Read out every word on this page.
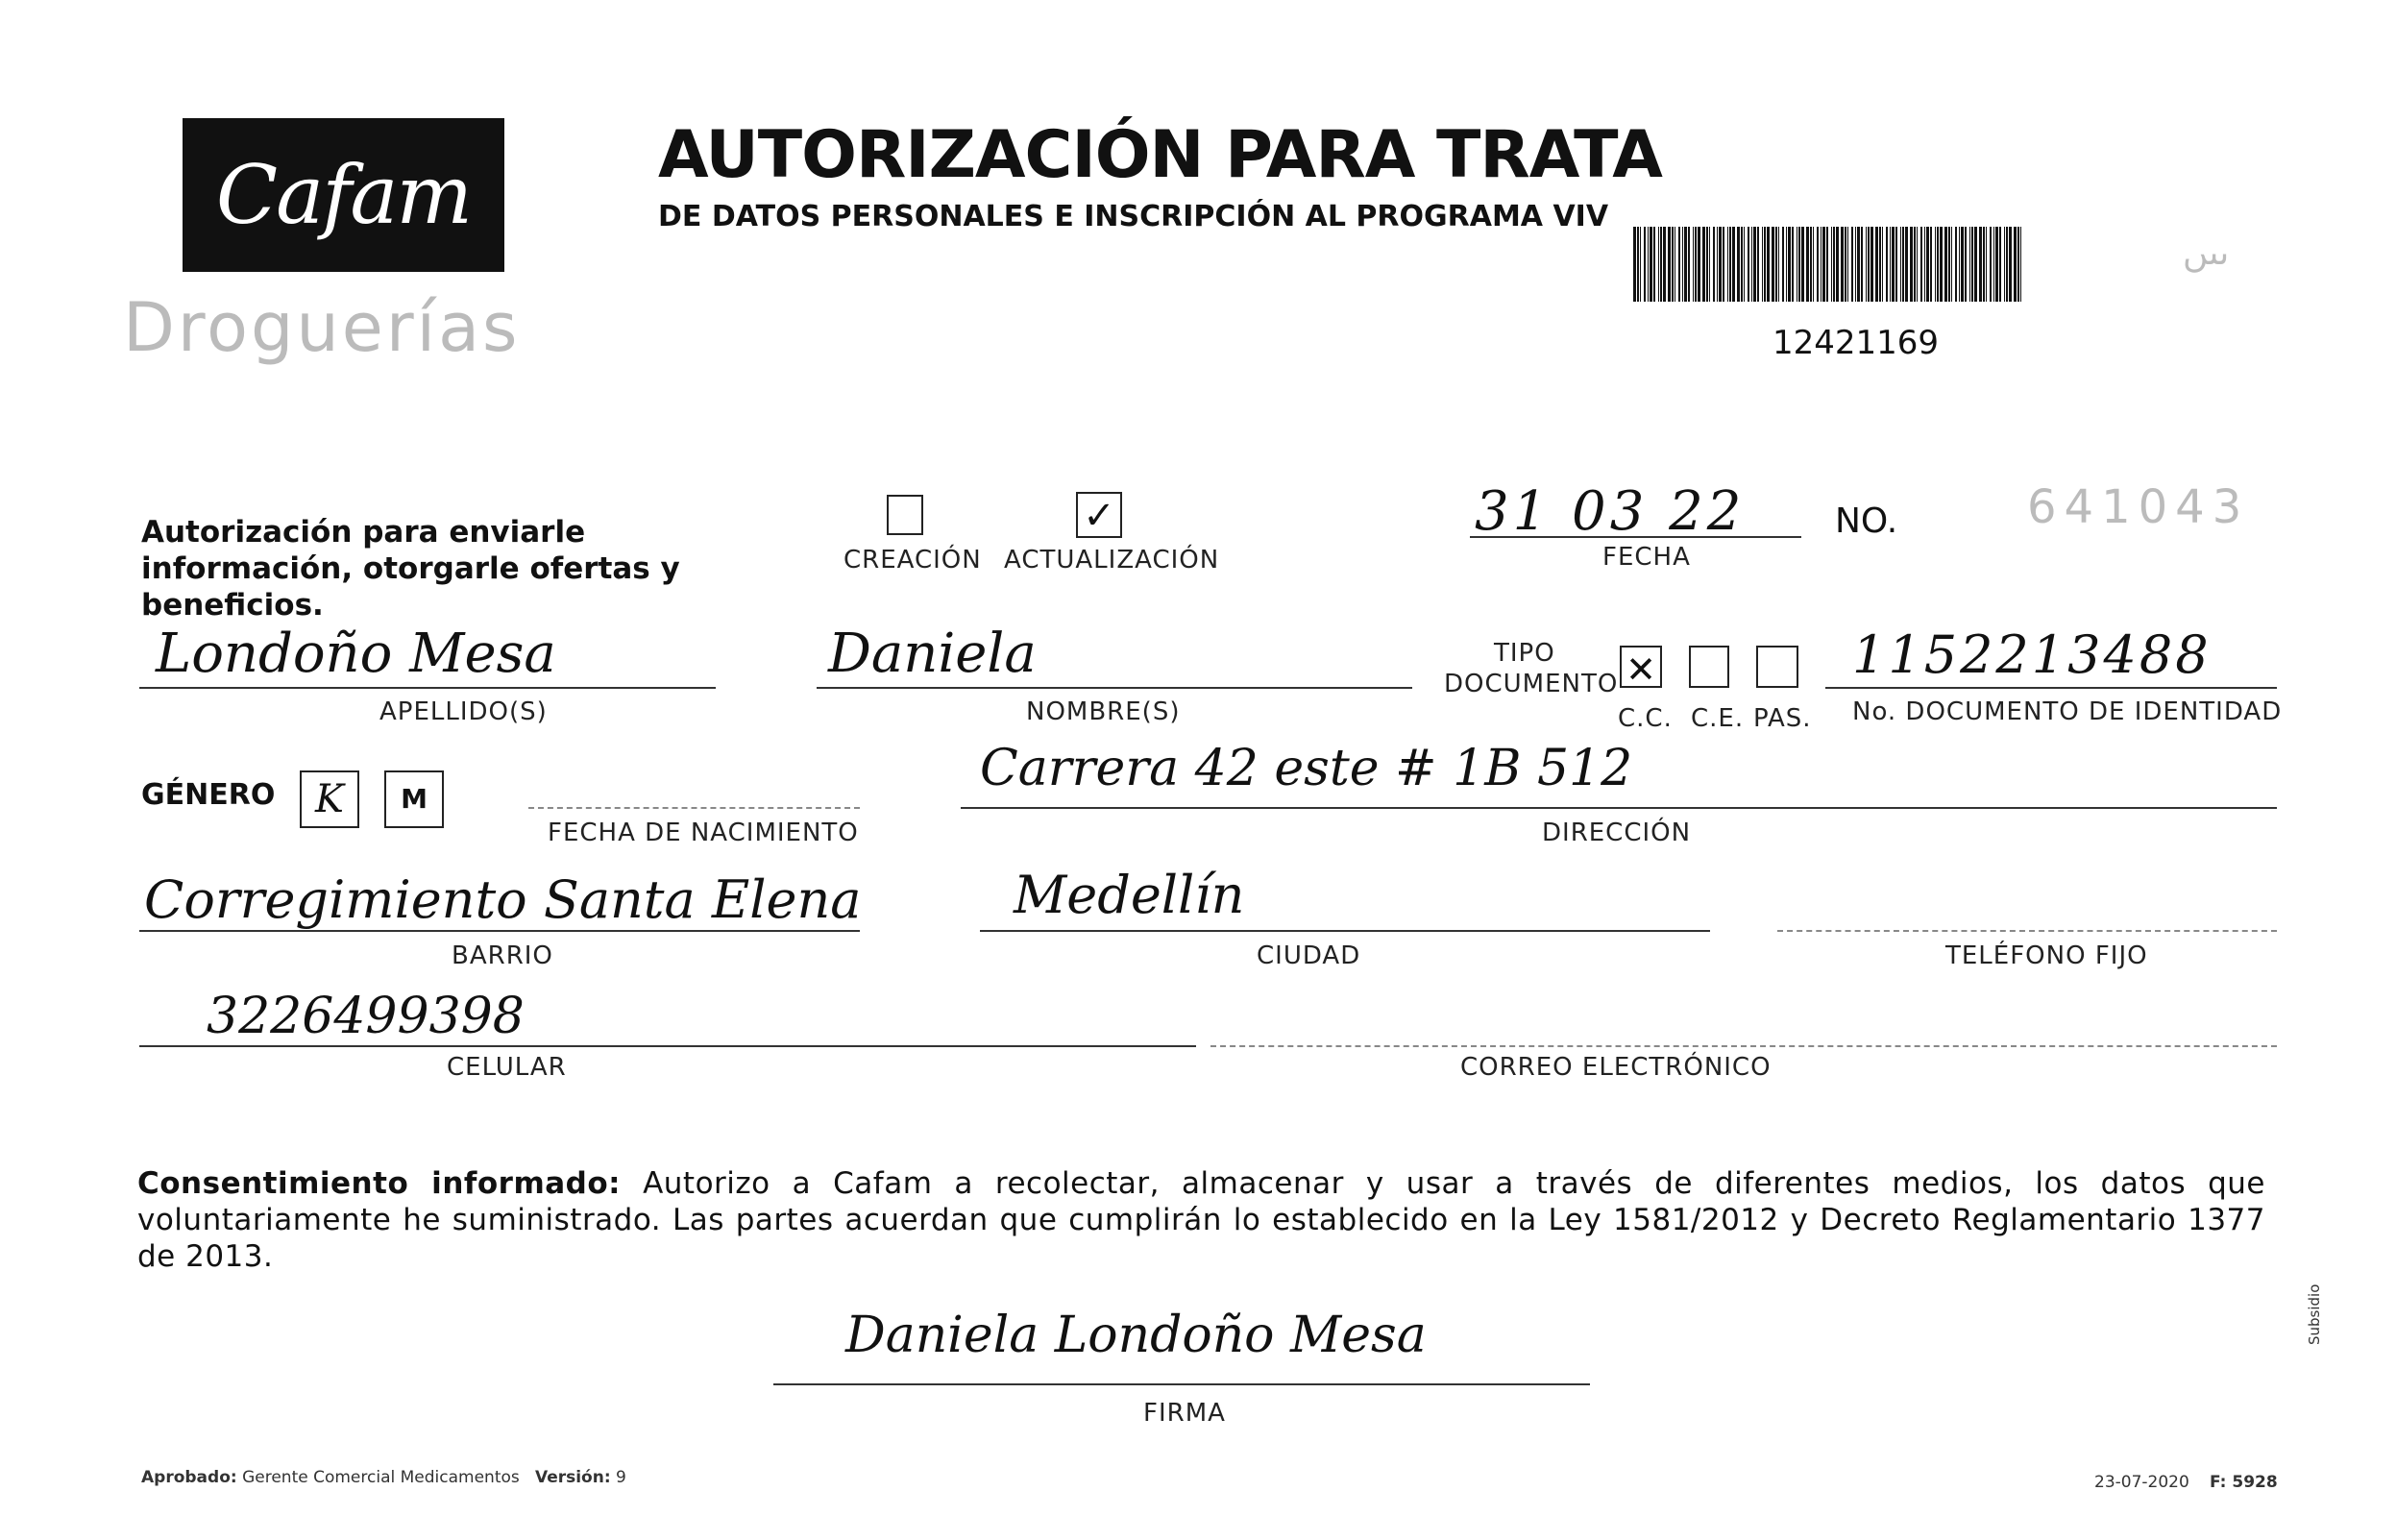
Cafam
Droguerías
AUTORIZACIÓN PARA TRATA
DE DATOS PERSONALES E INSCRIPCIÓN AL PROGRAMA VIV
12421169
ںىں
Autorización para enviarle información, otorgarle ofertas y beneficios.
CREACIÓN
✓
ACTUALIZACIÓN
31 03 22
FECHA
NO.	641043
Londoño Mesa
APELLIDO(S)
Daniela
NOMBRE(S)
TIPO
DOCUMENTO ✕
C.C. C.E. PAS.
1152213488
No. DOCUMENTO DE IDENTIDAD
GÉNERO	K	M
FECHA DE NACIMIENTO
Carrera 42 este # 1B 512
DIRECCIÓN
Corregimiento Santa Elena
BARRIO
Medellín
CIUDAD	TELÉFONO FIJO
3226499398
CELULAR	CORREO ELECTRÓNICO
Consentimiento informado: Autorizo a Cafam a recolectar, almacenar y usar a través de diferentes medios, los datos que voluntariamente he suministrado. Las partes acuerdan que cumplirán lo establecido en la Ley 1581/2012 y Decreto Reglamentario 1377 de 2013.
Daniela Londoño Mesa
FIRMA
Aprobado: Gerente Comercial Medicamentos Versión: 9	23-07-2020 F: 5928
Subsidio
